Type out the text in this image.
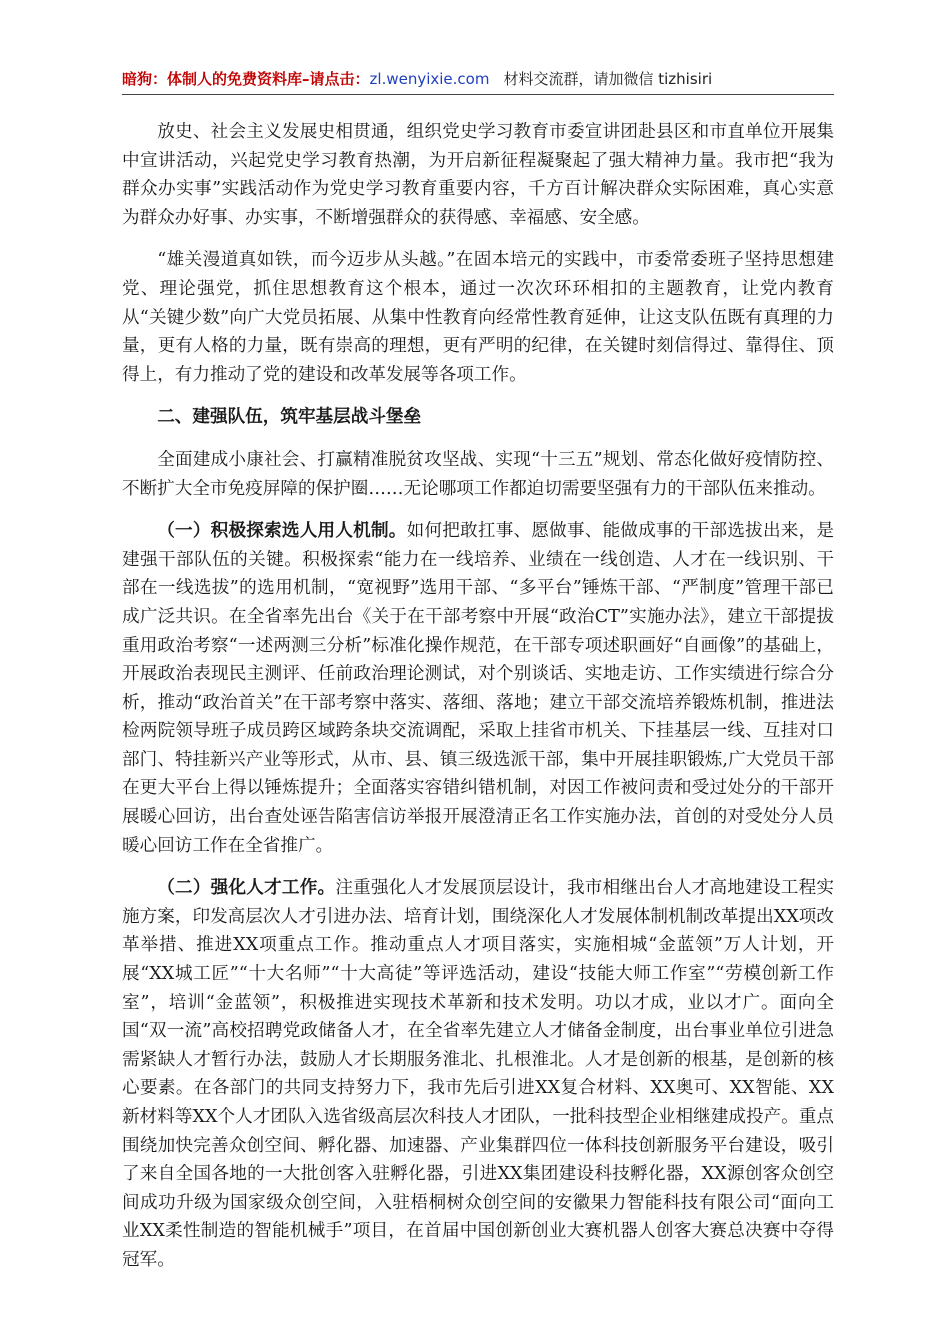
暗狗：体制人的免费资料库–请点击：zl.wenyixie.com 材料交流群，请加微信 tizhisiri

放史、社会主义发展史相贯通，组织党史学习教育市委宣讲团赴县区和市直单位开展集中宣讲活动，兴起党史学习教育热潮，为开启新征程凝聚起了强大精神力量。我市把“我为群众办实事”实践活动作为党史学习教育重要内容，千方百计解决群众实际困难，真心实意为群众办好事、办实事，不断增强群众的获得感、幸福感、安全感。

“雄关漫道真如铁，而今迈步从头越。”在固本培元的实践中，市委常委班子坚持思想建党、理论强党，抓住思想教育这个根本，通过一次次环环相扣的主题教育，让党内教育从“关键少数”向广大党员拓展、从集中性教育向经常性教育延伸，让这支队伍既有真理的力量，更有人格的力量，既有崇高的理想，更有严明的纪律，在关键时刻信得过、靠得住、顶得上，有力推动了党的建设和改革发展等各项工作。

二、建强队伍，筑牢基层战斗堡垒

全面建成小康社会、打赢精准脱贫攻坚战、实现“十三五”规划、常态化做好疫情防控、不断扩大全市免疫屏障的保护圈……无论哪项工作都迫切需要坚强有力的干部队伍来推动。

（一）积极探索选人用人机制。如何把敢扛事、愿做事、能做成事的干部选拔出来，是建强干部队伍的关键。积极探索“能力在一线培养、业绩在一线创造、人才在一线识别、干部在一线选拔”的选用机制，“宽视野”选用干部、“多平台”锤炼干部、“严制度”管理干部已成广泛共识。在全省率先出台《关于在干部考察中开展“政治CT”实施办法》，建立干部提拔重用政治考察“一述两测三分析”标准化操作规范，在干部专项述职画好“自画像”的基础上，开展政治表现民主测评、任前政治理论测试，对个别谈话、实地走访、工作实绩进行综合分析，推动“政治首关”在干部考察中落实、落细、落地；建立干部交流培养锻炼机制，推进法检两院领导班子成员跨区域跨条块交流调配，采取上挂省市机关、下挂基层一线、互挂对口部门、特挂新兴产业等形式，从市、县、镇三级选派干部，集中开展挂职锻炼,广大党员干部在更大平台上得以锤炼提升；全面落实容错纠错机制，对因工作被问责和受过处分的干部开展暖心回访，出台查处诬告陷害信访举报开展澄清正名工作实施办法，首创的对受处分人员暖心回访工作在全省推广。

（二）强化人才工作。注重强化人才发展顶层设计，我市相继出台人才高地建设工程实施方案，印发高层次人才引进办法、培育计划，围绕深化人才发展体制机制改革提出XX项改革举措、推进XX项重点工作。推动重点人才项目落实，实施相城“金蓝领”万人计划，开展“XX城工匠”“十大名师”“十大高徒”等评选活动，建设“技能大师工作室”“劳模创新工作室”，培训“金蓝领”，积极推进实现技术革新和技术发明。功以才成，业以才广。面向全国“双一流”高校招聘党政储备人才，在全省率先建立人才储备金制度，出台事业单位引进急需紧缺人才暂行办法，鼓励人才长期服务淮北、扎根淮北。人才是创新的根基，是创新的核心要素。在各部门的共同支持努力下，我市先后引进XX复合材料、XX奥可、XX智能、XX新材料等XX个人才团队入选省级高层次科技人才团队，一批科技型企业相继建成投产。重点围绕加快完善众创空间、孵化器、加速器、产业集群四位一体科技创新服务平台建设，吸引了来自全国各地的一大批创客入驻孵化器，引进XX集团建设科技孵化器，XX源创客众创空间成功升级为国家级众创空间，入驻梧桐树众创空间的安徽果力智能科技有限公司“面向工业XX柔性制造的智能机械手”项目，在首届中国创新创业大赛机器人创客大赛总决赛中夺得冠军。
